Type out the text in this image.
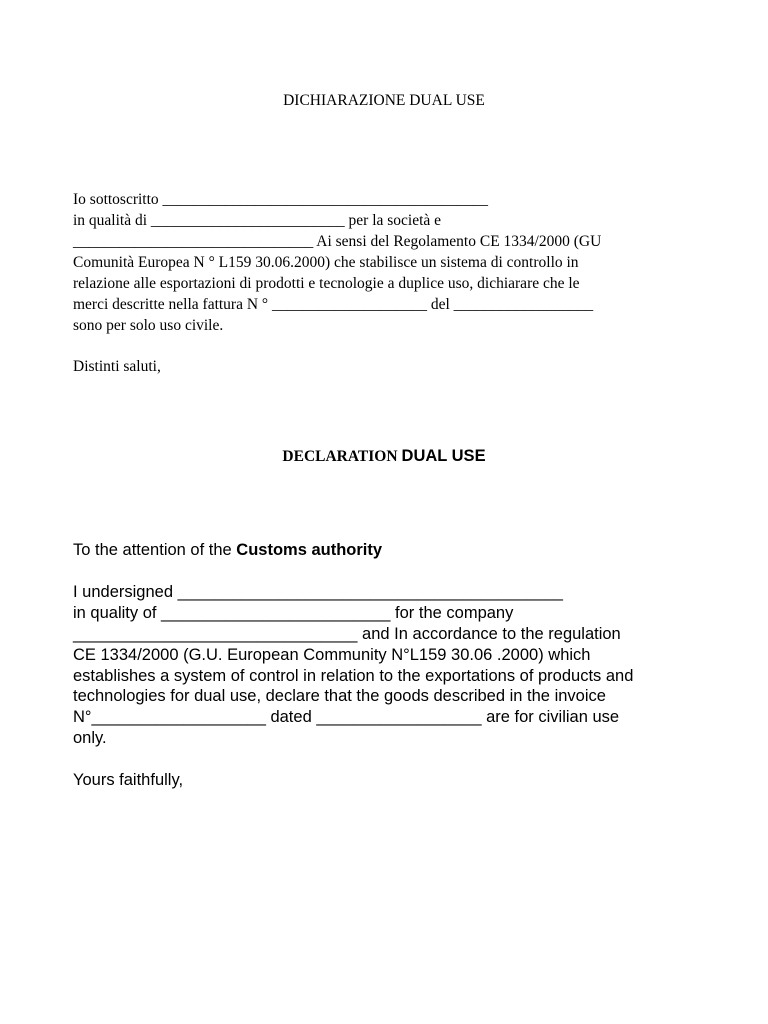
DICHIARAZIONE DUAL USE
Io sottoscritto __________________________________________
in qualità di _________________________ per la società e
_______________________________ Ai sensi del Regolamento CE 1334/2000 (GU
Comunità Europea N ° L159 30.06.2000) che stabilisce un sistema di controllo in
relazione alle esportazioni di prodotti e tecnologie a duplice uso, dichiarare che le
merci descritte nella fattura N ° ____________________ del __________________
sono per solo uso civile.
Distinti saluti,
DECLARATION DUAL USE
To the attention of the Customs authority
I undersigned __________________________________________
in quality of _________________________ for the company
_______________________________ and In accordance to the regulation
CE 1334/2000 (G.U. European Community N°L159 30.06 .2000) which
establishes a system of control in relation to the exportations of products and
technologies for dual use, declare that the goods described in the invoice
N°___________________ dated __________________ are for civilian use
only.
Yours faithfully,
